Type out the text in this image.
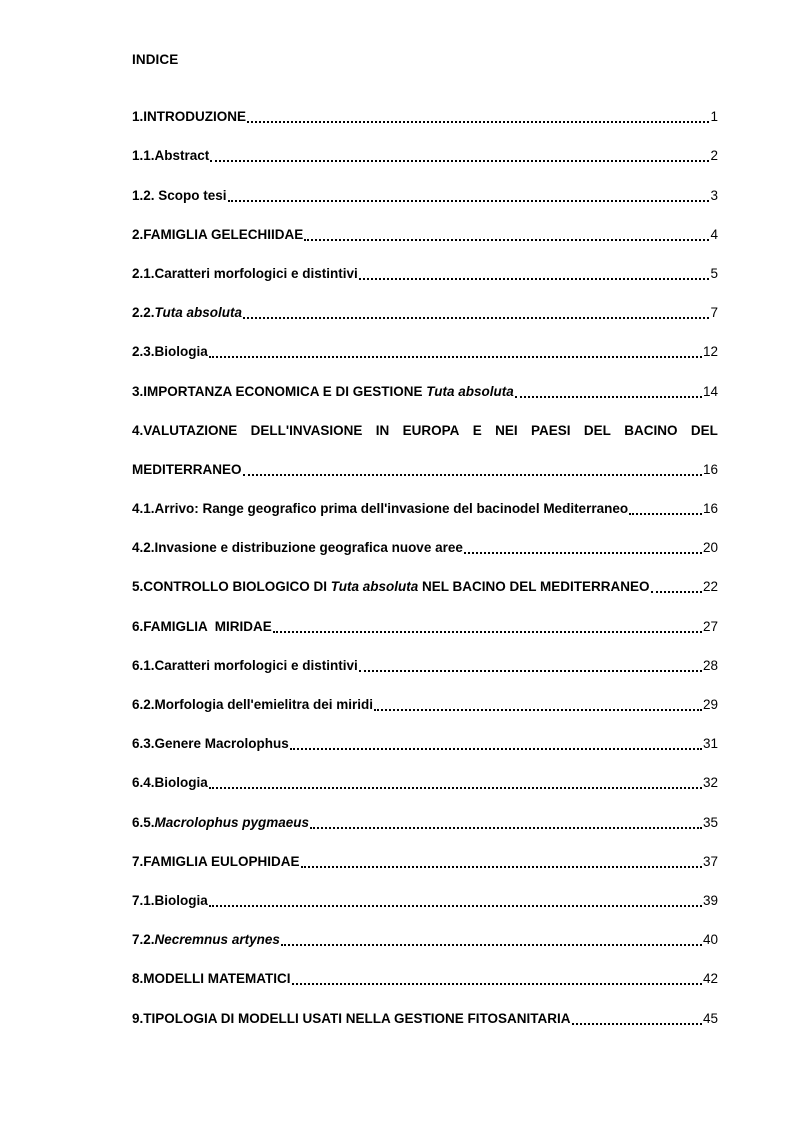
INDICE
1.INTRODUZIONE	1
1.1.Abstract	2
1.2. Scopo tesi	3
2.FAMIGLIA GELECHIIDAE	4
2.1.Caratteri morfologici e distintivi	5
2.2.Tuta absoluta	7
2.3.Biologia	12
3.IMPORTANZA ECONOMICA E DI GESTIONE Tuta absoluta	14
4.VALUTAZIONE DELL'INVASIONE IN EUROPA E NEI PAESI DEL BACINO DEL
MEDITERRANEO	16
4.1.Arrivo: Range geografico prima dell'invasione del bacinodel Mediterraneo	16
4.2.Invasione e distribuzione geografica nuove aree	20
5.CONTROLLO BIOLOGICO DI Tuta absoluta NEL BACINO DEL MEDITERRANEO	22
6.FAMIGLIA  MIRIDAE	27
6.1.Caratteri morfologici e distintivi	28
6.2.Morfologia dell'emielitra dei miridi	29
6.3.Genere Macrolophus	31
6.4.Biologia	32
6.5.Macrolophus pygmaeus	35
7.FAMIGLIA EULOPHIDAE	37
7.1.Biologia	39
7.2.Necremnus artynes	40
8.MODELLI MATEMATICI	42
9.TIPOLOGIA DI MODELLI USATI NELLA GESTIONE FITOSANITARIA	45
